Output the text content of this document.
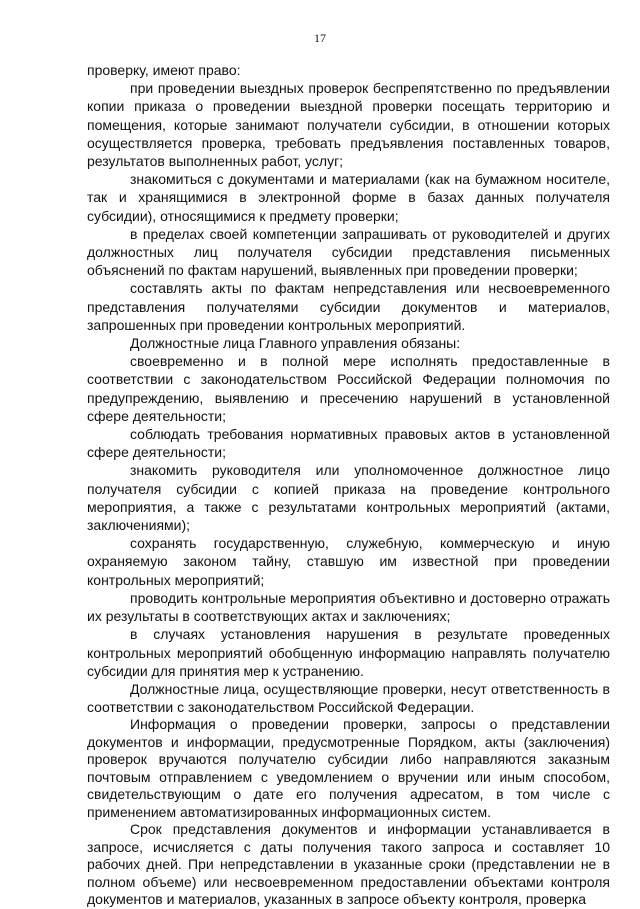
17

проверку, имеют право:

при проведении выездных проверок беспрепятственно по предъявлении копии приказа о проведении выездной проверки посещать территорию и помещения, которые занимают получатели субсидии, в отношении которых осуществляется проверка, требовать предъявления поставленных товаров, результатов выполненных работ, услуг;

знакомиться с документами и материалами (как на бумажном носителе, так и хранящимися в электронной форме в базах данных получателя субсидии), относящимися к предмету проверки;

в пределах своей компетенции запрашивать от руководителей и других должностных лиц получателя субсидии представления письменных объяснений по фактам нарушений, выявленных при проведении проверки;

составлять акты по фактам непредставления или несвоевременного представления получателями субсидии документов и материалов, запрошенных при проведении контрольных мероприятий.

Должностные лица Главного управления обязаны:

своевременно и в полной мере исполнять предоставленные в соответствии с законодательством Российской Федерации полномочия по предупреждению, выявлению и пресечению нарушений в установленной сфере деятельности;

соблюдать требования нормативных правовых актов в установленной сфере деятельности;

знакомить руководителя или уполномоченное должностное лицо получателя субсидии с копией приказа на проведение контрольного мероприятия, а также с результатами контрольных мероприятий (актами, заключениями);

сохранять государственную, служебную, коммерческую и иную охраняемую законом тайну, ставшую им известной при проведении контрольных мероприятий;

проводить контрольные мероприятия объективно и достоверно отражать их результаты в соответствующих актах и заключениях;

в случаях установления нарушения в результате проведенных контрольных мероприятий обобщенную информацию направлять получателю субсидии для принятия мер к устранению.

Должностные лица, осуществляющие проверки, несут ответственность в соответствии с законодательством Российской Федерации.

Информация о проведении проверки, запросы о представлении документов и информации, предусмотренные Порядком, акты (заключения) проверок вручаются получателю субсидии либо направляются заказным почтовым отправлением с уведомлением о вручении или иным способом, свидетельствующим о дате его получения адресатом, в том числе с применением автоматизированных информационных систем.

Срок представления документов и информации устанавливается в запросе, исчисляется с даты получения такого запроса и составляет 10 рабочих дней. При непредставлении в указанные сроки (представлении не в полном объеме) или несвоевременном предоставлении объектами контроля документов и материалов, указанных в запросе объекту контроля, проверка
